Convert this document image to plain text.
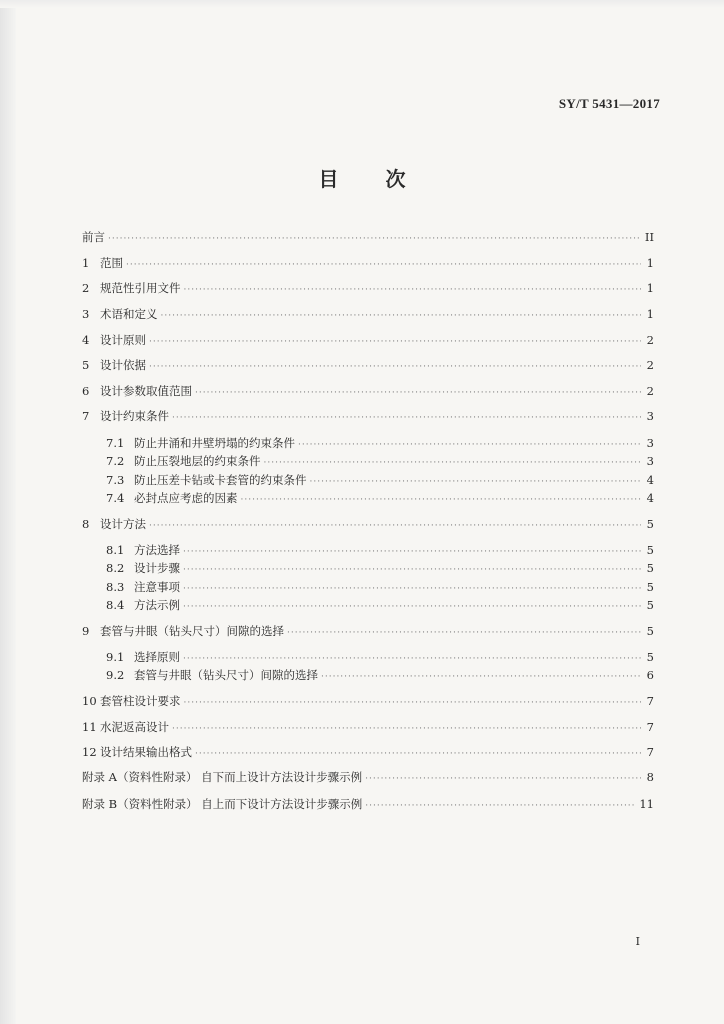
SY/T 5431—2017
目 次
前言 ·····	II
1 范围 ·····	1
2 规范性引用文件 ·····	1
3 术语和定义 ·····	1
4 设计原则 ·····	2
5 设计依据 ·····	2
6 设计参数取值范围 ·····	2
7 设计约束条件 ·····	3
7.1 防止井涌和井壁坍塌的约束条件 ·····	3
7.2 防止压裂地层的约束条件 ·····	3
7.3 防止压差卡钻或卡套管的约束条件 ·····	4
7.4 必封点应考虑的因素 ·····	4
8 设计方法 ·····	5
8.1 方法选择 ·····	5
8.2 设计步骤 ·····	5
8.3 注意事项 ·····	5
8.4 方法示例 ·····	5
9 套管与井眼（钻头尺寸）间隙的选择 ·····	5
9.1 选择原则 ·····	5
9.2 套管与井眼（钻头尺寸）间隙的选择 ·····	6
10 套管柱设计要求 ·····	7
11 水泥返高设计 ·····	7
12 设计结果输出格式 ·····	7
附录 A（资料性附录） 自下而上设计方法设计步骤示例 ·····	8
附录 B（资料性附录） 自上而下设计方法设计步骤示例 ·····	11
I
